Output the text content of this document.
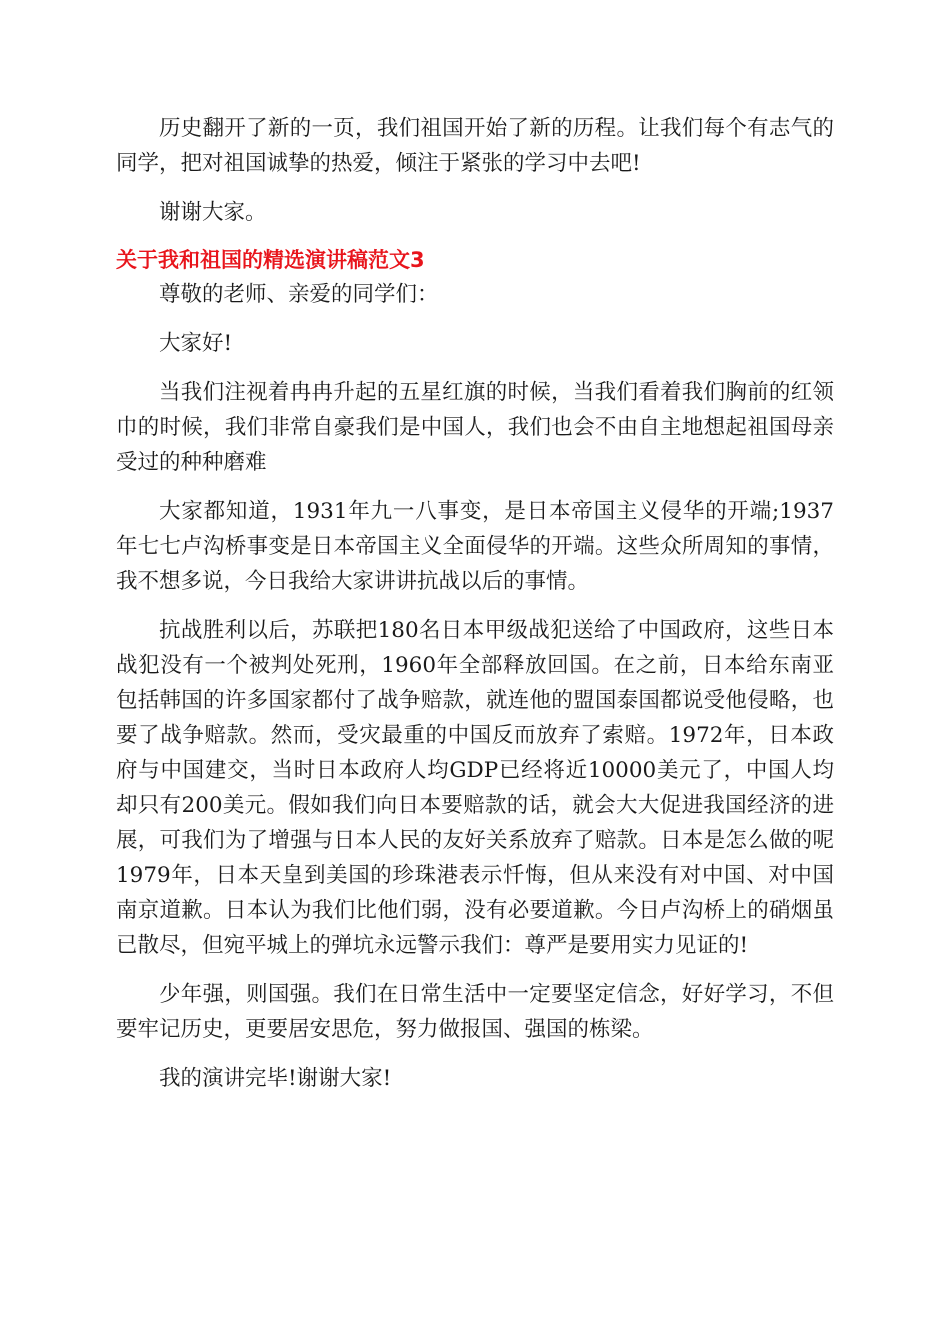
历史翻开了新的一页，我们祖国开始了新的历程。让我们每个有志气的同学，把对祖国诚挚的热爱，倾注于紧张的学习中去吧!

谢谢大家。

关于我和祖国的精选演讲稿范文3

尊敬的老师、亲爱的同学们：

大家好!

当我们注视着冉冉升起的五星红旗的时候，当我们看着我们胸前的红领巾的时候，我们非常自豪我们是中国人，我们也会不由自主地想起祖国母亲受过的种种磨难

大家都知道，1931年九一八事变，是日本帝国主义侵华的开端;1937年七七卢沟桥事变是日本帝国主义全面侵华的开端。这些众所周知的事情，我不想多说，今日我给大家讲讲抗战以后的事情。

抗战胜利以后，苏联把180名日本甲级战犯送给了中国政府，这些日本战犯没有一个被判处死刑，1960年全部释放回国。在之前，日本给东南亚包括韩国的许多国家都付了战争赔款，就连他的盟国泰国都说受他侵略，也要了战争赔款。然而，受灾最重的中国反而放弃了索赔。1972年，日本政府与中国建交，当时日本政府人均GDP已经将近10000美元了，中国人均却只有200美元。假如我们向日本要赔款的话，就会大大促进我国经济的进展，可我们为了增强与日本人民的友好关系放弃了赔款。日本是怎么做的呢1979年，日本天皇到美国的珍珠港表示忏悔，但从来没有对中国、对中国南京道歉。日本认为我们比他们弱，没有必要道歉。今日卢沟桥上的硝烟虽已散尽，但宛平城上的弹坑永远警示我们：尊严是要用实力见证的!

少年强，则国强。我们在日常生活中一定要坚定信念，好好学习，不但要牢记历史，更要居安思危，努力做报国、强国的栋梁。

我的演讲完毕!谢谢大家!
